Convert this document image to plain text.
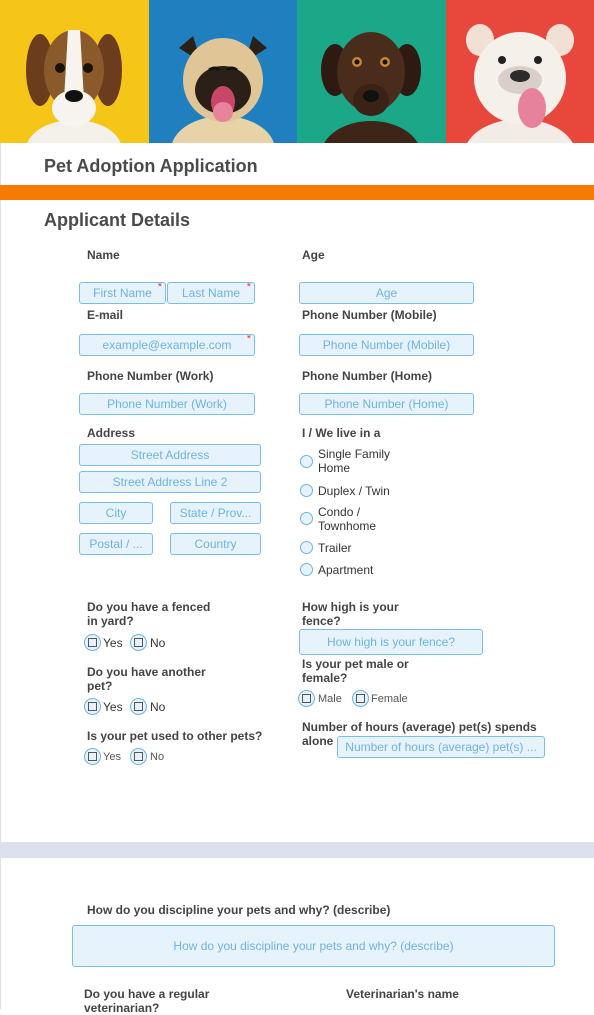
Pet Adoption Application
Applicant Details
Name
First Name *	Last Name *
Age
Age
E-mail
example@example.com *
Phone Number (Mobile)
Phone Number (Mobile)
Phone Number (Work)
Phone Number (Work)
Phone Number (Home)
Phone Number (Home)
Address
Street Address
Street Address Line 2
City	State / Prov...
Postal / ...	Country
I / We live in a
Single Family
Home
Duplex / Twin
Condo /
Townhome
Trailer
Apartment
Do you have a fenced
in yard?
Yes No
How high is your
fence?
How high is your fence?
Do you have another
pet?
Yes No
Is your pet male or
female?
Male	Female
Is your pet used to other pets?
Yes	No
Number of hours (average) pet(s) spends
alone Number of hours (average) pet(s) ...
How do you discipline your pets and why? (describe)
How do you discipline your pets and why? (describe)
Do you have a regular
veterinarian?
Veterinarian's name
